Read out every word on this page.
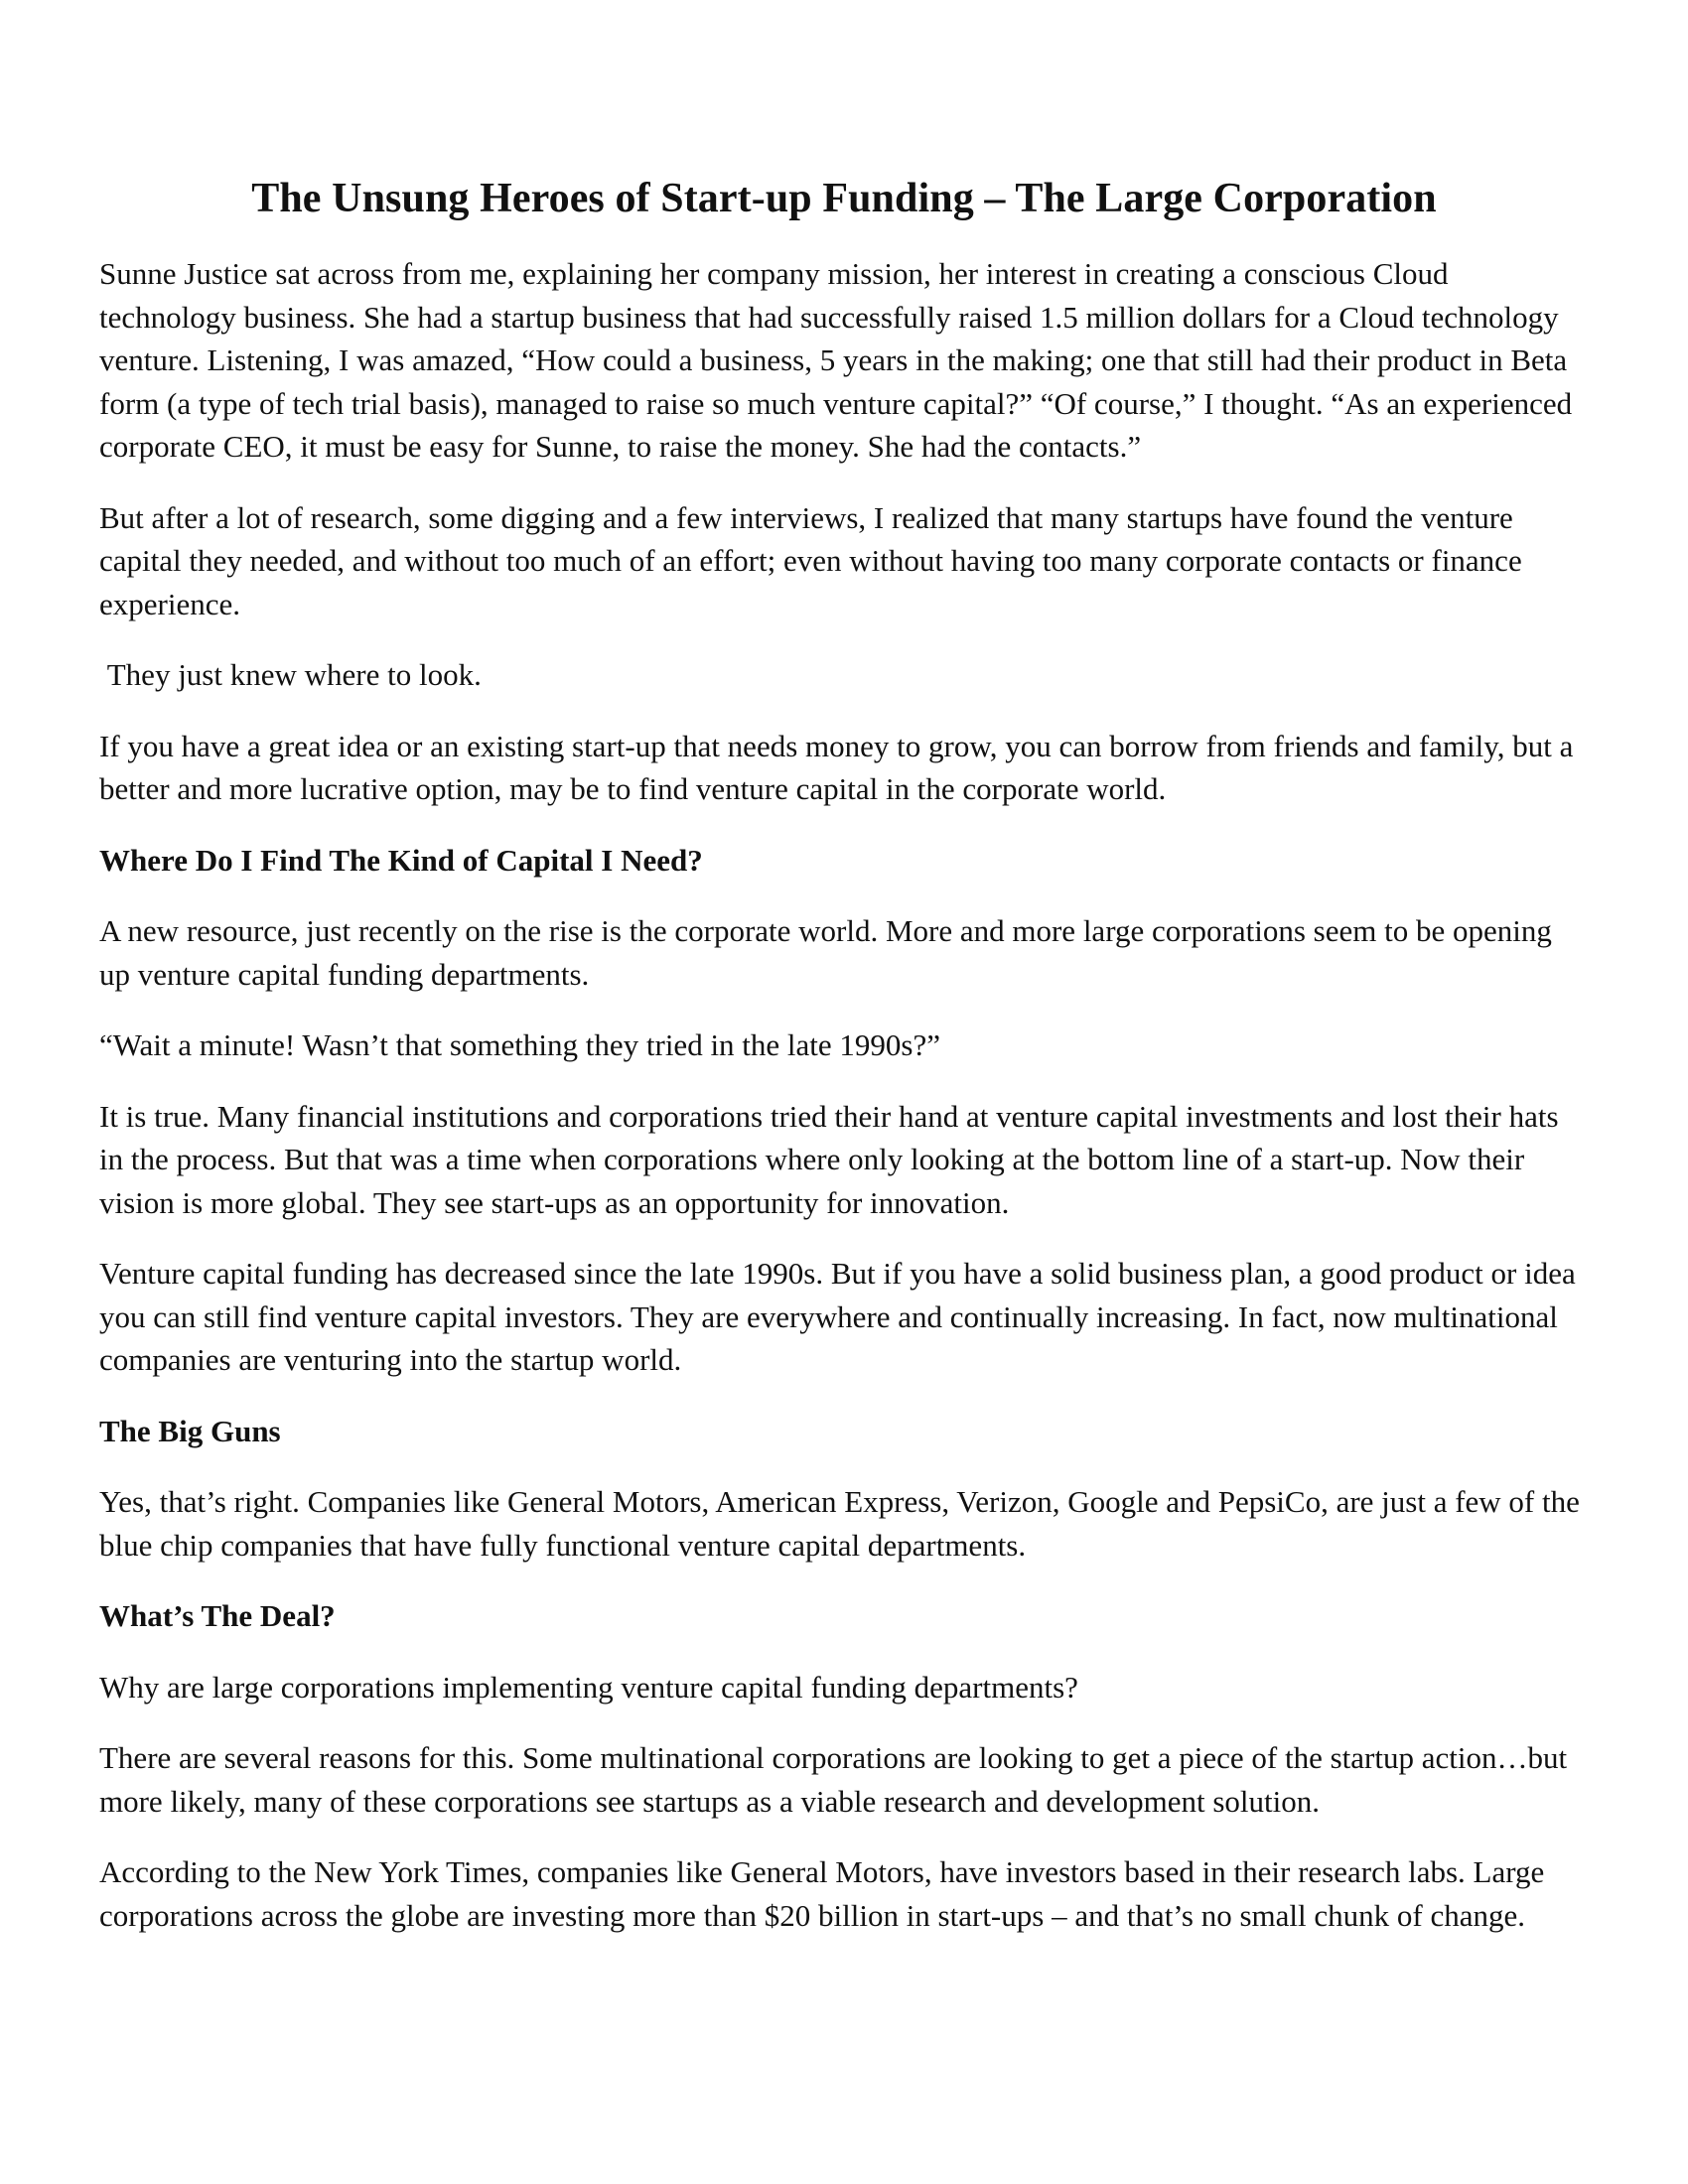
The Unsung Heroes of Start-up Funding – The Large Corporation

Sunne Justice sat across from me, explaining her company mission, her interest in creating a conscious Cloud technology business. She had a startup business that had successfully raised 1.5 million dollars for a Cloud technology venture. Listening, I was amazed, “How could a business, 5 years in the making; one that still had their product in Beta form (a type of tech trial basis), managed to raise so much venture capital?” “Of course,” I thought. “As an experienced corporate CEO, it must be easy for Sunne, to raise the money. She had the contacts.”

But after a lot of research, some digging and a few interviews, I realized that many startups have found the venture capital they needed, and without too much of an effort; even without having too many corporate contacts or finance experience.

They just knew where to look.

If you have a great idea or an existing start-up that needs money to grow, you can borrow from friends and family, but a better and more lucrative option, may be to find venture capital in the corporate world.

Where Do I Find The Kind of Capital I Need?

A new resource, just recently on the rise is the corporate world. More and more large corporations seem to be opening up venture capital funding departments.

“Wait a minute! Wasn’t that something they tried in the late 1990s?”

It is true. Many financial institutions and corporations tried their hand at venture capital investments and lost their hats in the process. But that was a time when corporations where only looking at the bottom line of a start-up. Now their vision is more global. They see start-ups as an opportunity for innovation.

Venture capital funding has decreased since the late 1990s. But if you have a solid business plan, a good product or idea you can still find venture capital investors. They are everywhere and continually increasing. In fact, now multinational companies are venturing into the startup world.

The Big Guns

Yes, that’s right. Companies like General Motors, American Express, Verizon, Google and PepsiCo, are just a few of the blue chip companies that have fully functional venture capital departments.

What’s The Deal?

Why are large corporations implementing venture capital funding departments?

There are several reasons for this. Some multinational corporations are looking to get a piece of the startup action…but more likely, many of these corporations see startups as a viable research and development solution.

According to the New York Times, companies like General Motors, have investors based in their research labs. Large corporations across the globe are investing more than $20 billion in start-ups – and that’s no small chunk of change.
